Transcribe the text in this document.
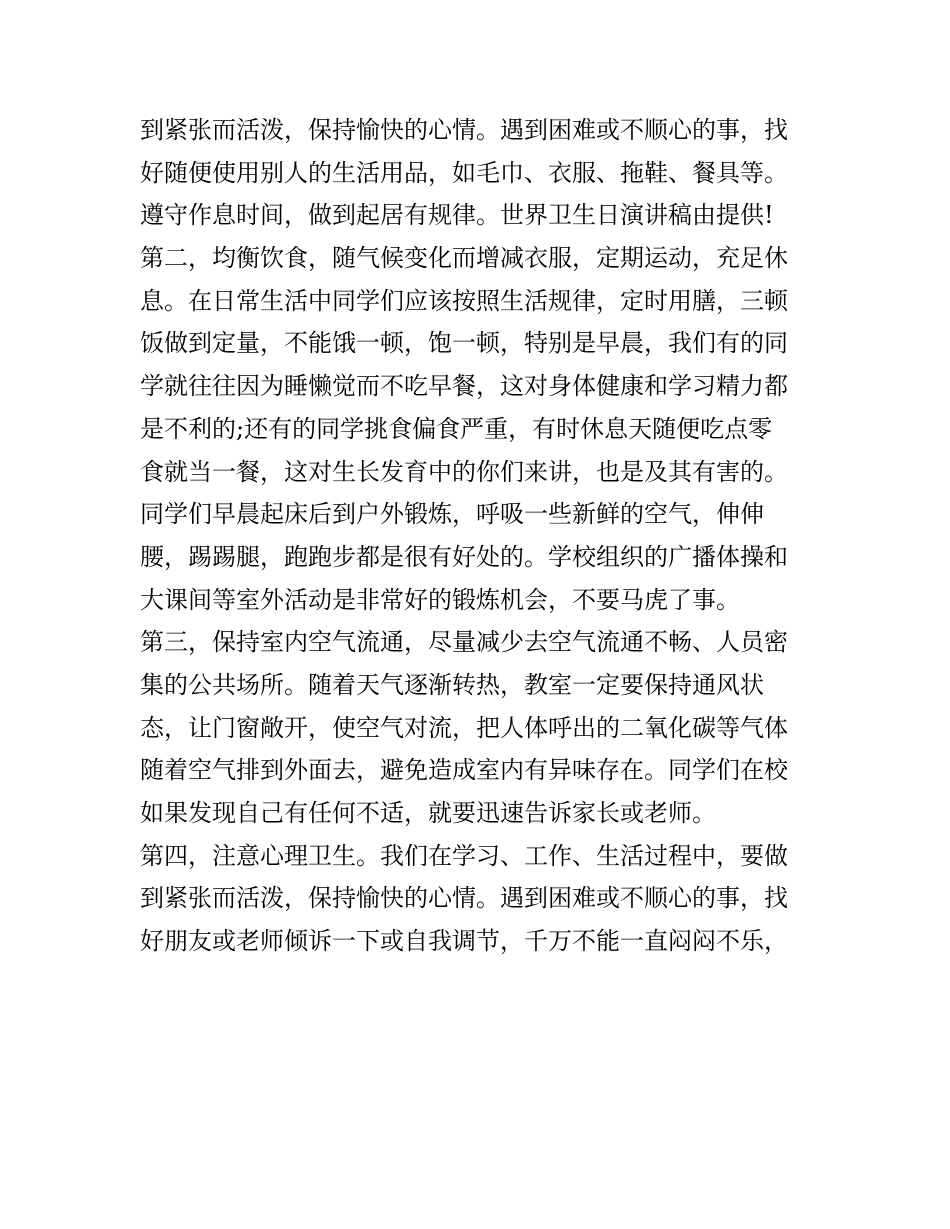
到紧张而活泼，保持愉快的心情。遇到困难或不顺心的事，找
好随便使用别人的生活用品，如毛巾、衣服、拖鞋、餐具等。
遵守作息时间，做到起居有规律。世界卫生日演讲稿由提供!
第二，均衡饮食，随气候变化而增减衣服，定期运动，充足休
息。在日常生活中同学们应该按照生活规律，定时用膳，三顿
饭做到定量，不能饿一顿，饱一顿，特别是早晨，我们有的同
学就往往因为睡懒觉而不吃早餐，这对身体健康和学习精力都
是不利的;还有的同学挑食偏食严重，有时休息天随便吃点零
食就当一餐，这对生长发育中的你们来讲，也是及其有害的。
同学们早晨起床后到户外锻炼，呼吸一些新鲜的空气，伸伸
腰，踢踢腿，跑跑步都是很有好处的。学校组织的广播体操和
大课间等室外活动是非常好的锻炼机会，不要马虎了事。
第三，保持室内空气流通，尽量减少去空气流通不畅、人员密
集的公共场所。随着天气逐渐转热，教室一定要保持通风状
态，让门窗敞开，使空气对流，把人体呼出的二氧化碳等气体
随着空气排到外面去，避免造成室内有异味存在。同学们在校
如果发现自己有任何不适，就要迅速告诉家长或老师。
第四，注意心理卫生。我们在学习、工作、生活过程中，要做
到紧张而活泼，保持愉快的心情。遇到困难或不顺心的事，找
好朋友或老师倾诉一下或自我调节，千万不能一直闷闷不乐，
